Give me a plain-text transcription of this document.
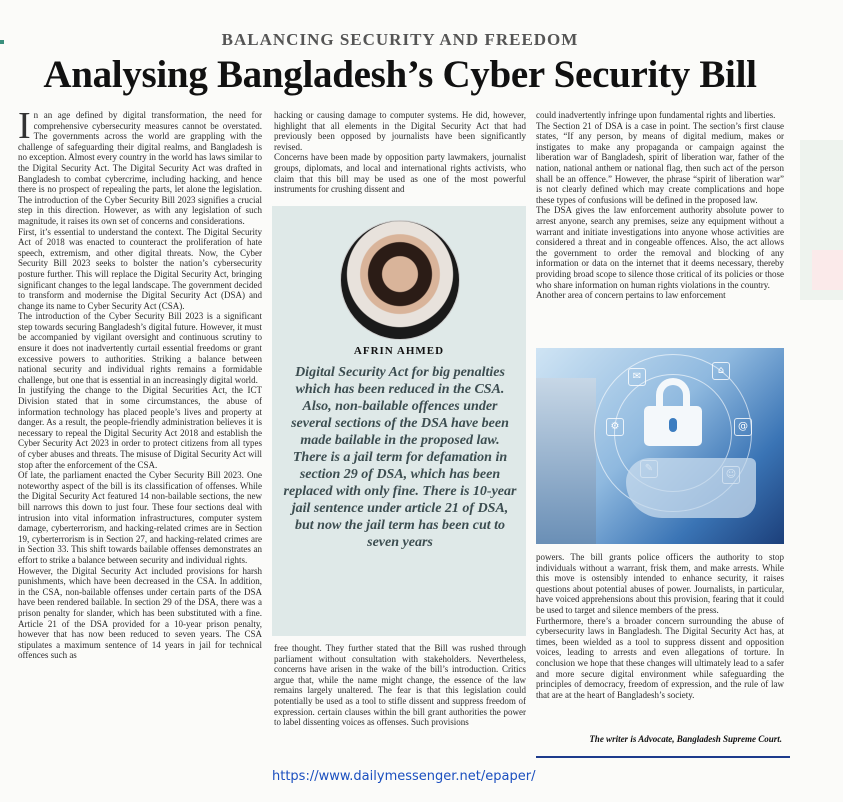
BALANCING SECURITY AND FREEDOM
Analysing Bangladesh’s Cyber Security Bill

In an age defined by digital transformation, the need for comprehensive cybersecurity measures cannot be overstated. The governments across the world are grappling with the challenge of safeguarding their digital realms, and Bangladesh is no exception. Almost every country in the world has laws similar to the Digital Security Act. The Digital Security Act was drafted in Bangladesh to combat cybercrime, including hacking, and hence there is no prospect of repealing the parts, let alone the legislation. The introduction of the Cyber Security Bill 2023 signifies a crucial step in this direction. However, as with any legislation of such magnitude, it raises its own set of concerns and considerations.

First, it’s essential to understand the context. The Digital Security Act of 2018 was enacted to counteract the proliferation of hate speech, extremism, and other digital threats. Now, the Cyber Security Bill 2023 seeks to bolster the nation’s cybersecurity posture further. This will replace the Digital Security Act, bringing significant changes to the legal landscape. The government decided to transform and modernise the Digital Security Act (DSA) and change its name to Cyber Security Act (CSA).

The introduction of the Cyber Security Bill 2023 is a significant step towards securing Bangladesh’s digital future. However, it must be accompanied by vigilant oversight and continuous scrutiny to ensure it does not inadvertently curtail essential freedoms or grant excessive powers to authorities. Striking a balance between national security and individual rights remains a formidable challenge, but one that is essential in an increasingly digital world.

In justifying the change to the Digital Securities Act, the ICT Division stated that in some circumstances, the abuse of information technology has placed people’s lives and property at danger. As a result, the people-friendly administration believes it is necessary to repeal the Digital Security Act 2018 and establish the Cyber Security Act 2023 in order to protect citizens from all types of cyber abuses and threats. The misuse of Digital Security Act will stop after the enforcement of the CSA.

Of late, the parliament enacted the Cyber Security Bill 2023. One noteworthy aspect of the bill is its classification of offenses. While the Digital Security Act featured 14 non-bailable sections, the new bill narrows this down to just four. These four sections deal with intrusion into vital information infrastructures, computer system damage, cyberterrorism, and hacking-related crimes are in Section 19, cyberterrorism is in Section 27, and hacking-related crimes are in Section 33. This shift towards bailable offenses demonstrates an effort to strike a balance between security and individual rights.

However, the Digital Security Act included provisions for harsh punishments, which have been decreased in the CSA. In addition, in the CSA, non-bailable offenses under certain parts of the DSA have been rendered bailable. In section 29 of the DSA, there was a prison penalty for slander, which has been substituted with a fine. Article 21 of the DSA provided for a 10-year prison penalty, however that has now been reduced to seven years. The CSA stipulates a maximum sentence of 14 years in jail for technical offences such as

hacking or causing damage to computer systems. He did, however, highlight that all elements in the Digital Security Act that had previously been opposed by journalists have been significantly revised.

Concerns have been made by opposition party lawmakers, journalist groups, diplomats, and local and international rights activists, who claim that this bill may be used as one of the most powerful instruments for crushing dissent and

AFRIN AHMED
Digital Security Act for big penalties which has been reduced in the CSA. Also, non-bailable offences under several sections of the DSA have been made bailable in the proposed law. There is a jail term for defamation in section 29 of DSA, which has been replaced with only fine. There is 10-year jail sentence under article 21 of DSA, but now the jail term has been cut to seven years

free thought. They further stated that the Bill was rushed through parliament without consultation with stakeholders. Nevertheless, concerns have arisen in the wake of the bill’s introduction. Critics argue that, while the name might change, the essence of the law remains largely unaltered. The fear is that this legislation could potentially be used as a tool to stifle dissent and suppress freedom of expression. certain clauses within the bill grant authorities the power to label dissenting voices as offenses. Such provisions

could inadvertently infringe upon fundamental rights and liberties.

The Section 21 of DSA is a case in point. The section’s first clause states, “If any person, by means of digital medium, makes or instigates to make any propaganda or campaign against the liberation war of Bangladesh, spirit of liberation war, father of the nation, national anthem or national flag, then such act of the person shall be an offence.” However, the phrase “spirit of liberation war” is not clearly defined which may create complications and hope these types of confusions will be defined in the proposed law.

The DSA gives the law enforcement authority absolute power to arrest anyone, search any premises, seize any equipment without a warrant and initiate investigations into anyone whose activities are considered a threat and in congeable offences. Also, the act allows the government to order the removal and blocking of any information or data on the internet that it deems necessary, thereby providing broad scope to silence those critical of its policies or those who share information on human rights violations in the country.

Another area of concern pertains to law enforcement

✉
⌂
⚙	@

powers. The bill grants police officers the authority to stop individuals without a warrant, frisk them, and make arrests. While this move is ostensibly intended to enhance security, it raises questions about potential abuses of power. Journalists, in particular, have voiced apprehensions about this provision, fearing that it could be used to target and silence members of the press.

Furthermore, there’s a broader concern surrounding the abuse of cybersecurity laws in Bangladesh. The Digital Security Act has, at times, been wielded as a tool to suppress dissent and opposition voices, leading to arrests and even allegations of torture. In conclusion we hope that these changes will ultimately lead to a safer and more secure digital environment while safeguarding the principles of democracy, freedom of expression, and the rule of law that are at the heart of Bangladesh’s society.

The writer is Advocate, Bangladesh Supreme Court.
https://www.dailymessenger.net/epaper/
